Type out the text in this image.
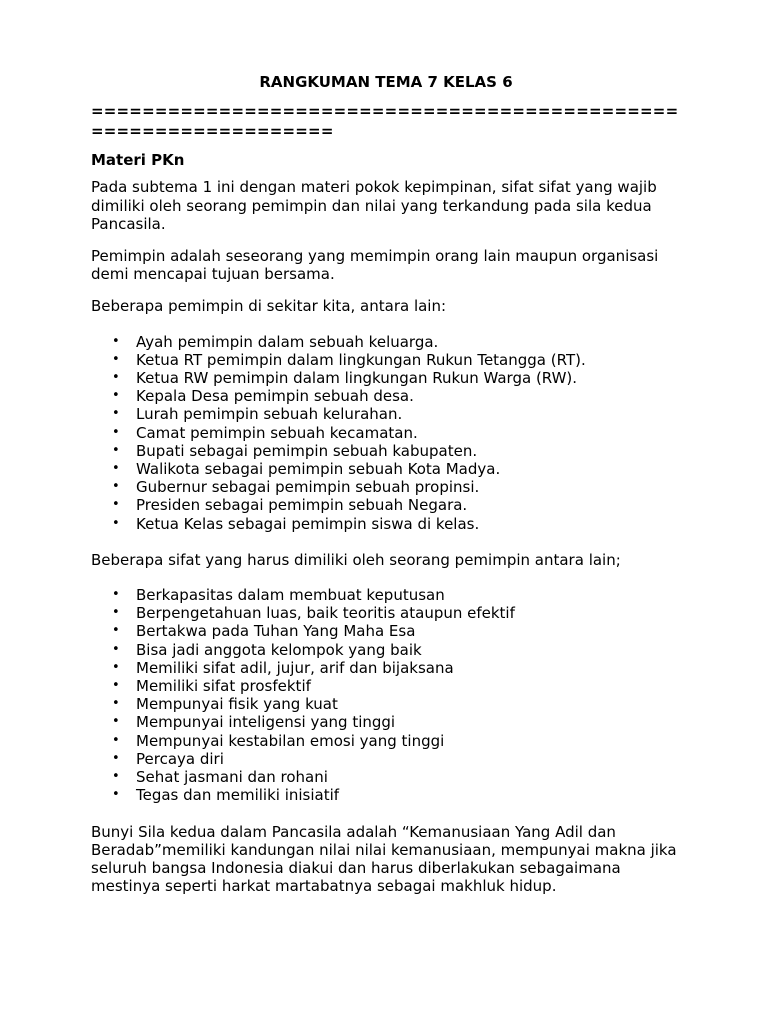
RANGKUMAN TEMA 7 KELAS 6
=================================================================
Materi PKn

Pada subtema 1 ini dengan materi pokok kepimpinan, sifat sifat yang wajib dimiliki oleh seorang pemimpin dan nilai yang terkandung pada sila kedua Pancasila.

Pemimpin adalah seseorang yang memimpin orang lain maupun organisasi demi mencapai tujuan bersama.

Beberapa pemimpin di sekitar kita, antara lain:

• Ayah pemimpin dalam sebuah keluarga.
• Ketua RT pemimpin dalam lingkungan Rukun Tetangga (RT).
• Ketua RW pemimpin dalam lingkungan Rukun Warga (RW).
• Kepala Desa pemimpin sebuah desa.
• Lurah pemimpin sebuah kelurahan.
• Camat pemimpin sebuah kecamatan.
• Bupati sebagai pemimpin sebuah kabupaten.
• Walikota sebagai pemimpin sebuah Kota Madya.
• Gubernur sebagai pemimpin sebuah propinsi.
• Presiden sebagai pemimpin sebuah Negara.
• Ketua Kelas sebagai pemimpin siswa di kelas.

Beberapa sifat yang harus dimiliki oleh seorang pemimpin antara lain;

• Berkapasitas dalam membuat keputusan
• Berpengetahuan luas, baik teoritis ataupun efektif
• Bertakwa pada Tuhan Yang Maha Esa
• Bisa jadi anggota kelompok yang baik
• Memiliki sifat adil, jujur, arif dan bijaksana
• Memiliki sifat prosfektif
• Mempunyai fisik yang kuat
• Mempunyai inteligensi yang tinggi
• Mempunyai kestabilan emosi yang tinggi
• Percaya diri
• Sehat jasmani dan rohani
• Tegas dan memiliki inisiatif

Bunyi Sila kedua dalam Pancasila adalah “Kemanusiaan Yang Adil dan Beradab”memiliki kandungan nilai nilai kemanusiaan, mempunyai makna jika seluruh bangsa Indonesia diakui dan harus diberlakukan sebagaimana mestinya seperti harkat martabatnya sebagai makhluk hidup.
